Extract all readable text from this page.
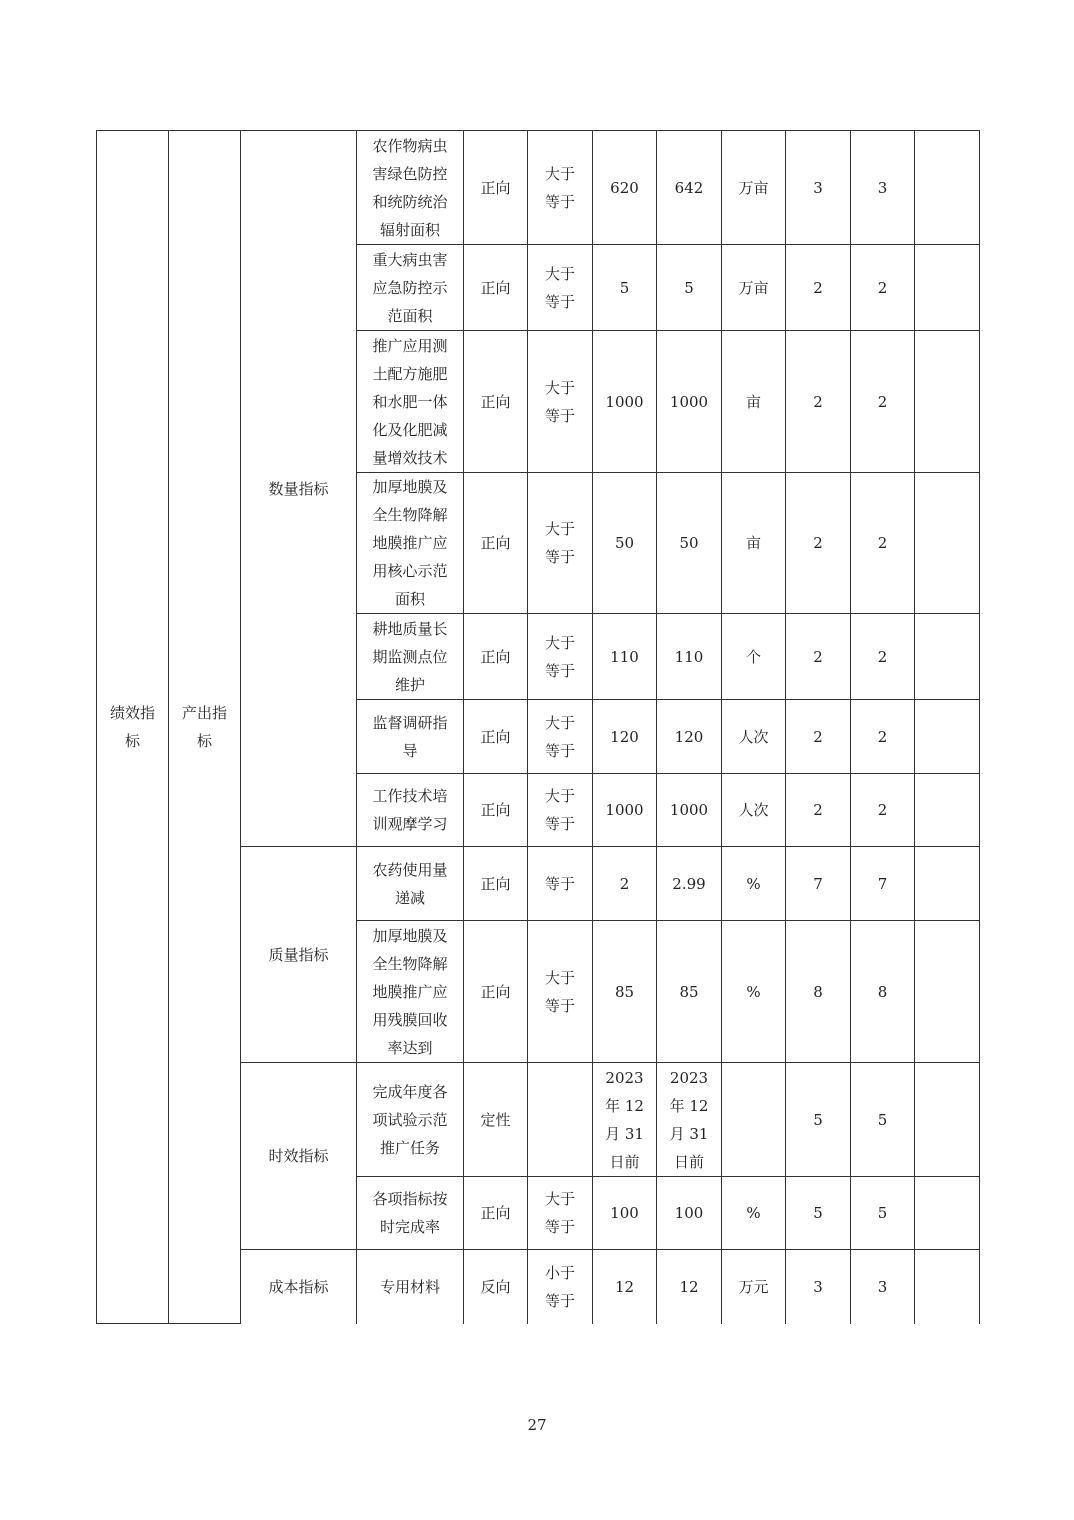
绩效指
标	产出指
标	数量指标	农作物病虫
害绿色防控
和统防统治
辐射面积	正向	大于
等于	620	642	万亩	3	3	
			重大病虫害
应急防控示
范面积	正向	大于
等于	5	5	万亩	2	2	
			推广应用测
土配方施肥
和水肥一体
化及化肥减
量增效技术	正向	大于
等于	1000	1000	亩	2	2	
			加厚地膜及
全生物降解
地膜推广应
用核心示范
面积	正向	大于
等于	50	50	亩	2	2	
			耕地质量长
期监测点位
维护	正向	大于
等于	110	110	个	2	2	
			监督调研指
导	正向	大于
等于	120	120	人次	2	2	
			工作技术培
训观摩学习	正向	大于
等于	1000	1000	人次	2	2	
		质量指标	农药使用量
递减	正向	等于	2	2.99	%	7	7	
			加厚地膜及
全生物降解
地膜推广应
用残膜回收
率达到	正向	大于
等于	85	85	%	8	8	
		时效指标	完成年度各
项试验示范
推广任务	定性		2023
年 12
月 31
日前	2023
年 12
月 31
日前		5	5	
			各项指标按
时完成率	正向	大于
等于	100	100	%	5	5	
		成本指标	专用材料	反向	小于
等于	12	12	万元	3	3	
27
